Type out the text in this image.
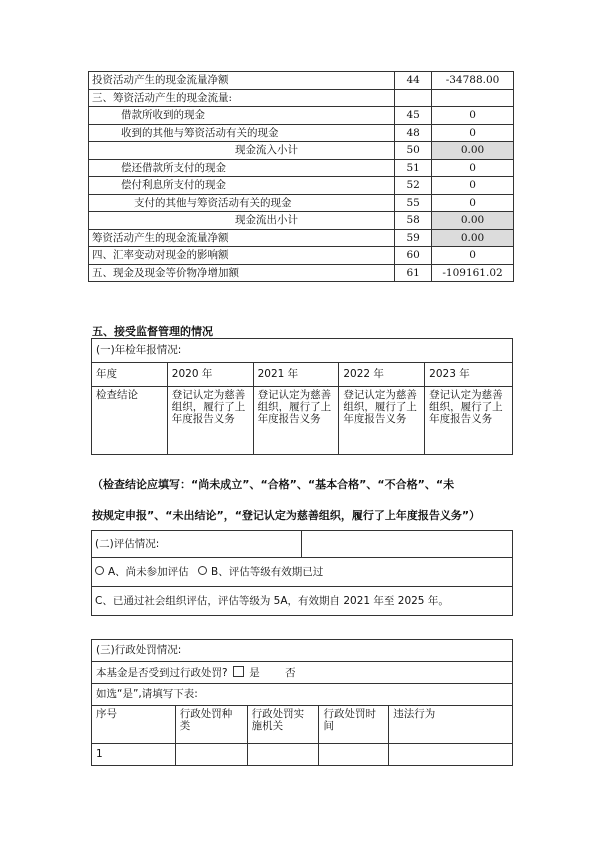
投资活动产生的现金流量净额	44	-34788.00
三、筹资活动产生的现金流量:		
借款所收到的现金	45	0
收到的其他与筹资活动有关的现金	48	0
现金流入小计	50	0.00
偿还借款所支付的现金	51	0
偿付利息所支付的现金	52	0
支付的其他与筹资活动有关的现金	55	0
现金流出小计	58	0.00
筹资活动产生的现金流量净额	59	0.00
四、汇率变动对现金的影响额	60	0
五、现金及现金等价物净增加额	61	-109161.02
五、接受监督管理的情况
(一)年检年报情况:				
年度	2020 年	2021 年	2022 年	2023 年
检查结论	登记认定为慈善组织，履行了上年度报告义务	登记认定为慈善组织，履行了上年度报告义务	登记认定为慈善组织，履行了上年度报告义务	登记认定为慈善组织，履行了上年度报告义务
（检查结论应填写：“尚未成立”、“合格”、“基本合格”、“不合格”、“未
按规定申报”、“未出结论”，“登记认定为慈善组织，履行了上年度报告义务”）
(二)评估情况:	
A、尚未参加评估 B、评估等级有效期已过
C、已通过社会组织评估，评估等级为 5A，有效期自 2021 年至 2025 年。
(三)行政处罚情况:				
本基金是否受到过行政处罚? 是 否				
如选“是”,请填写下表:				
序号	行政处罚种类	行政处罚实施机关	行政处罚时间	违法行为
1				
